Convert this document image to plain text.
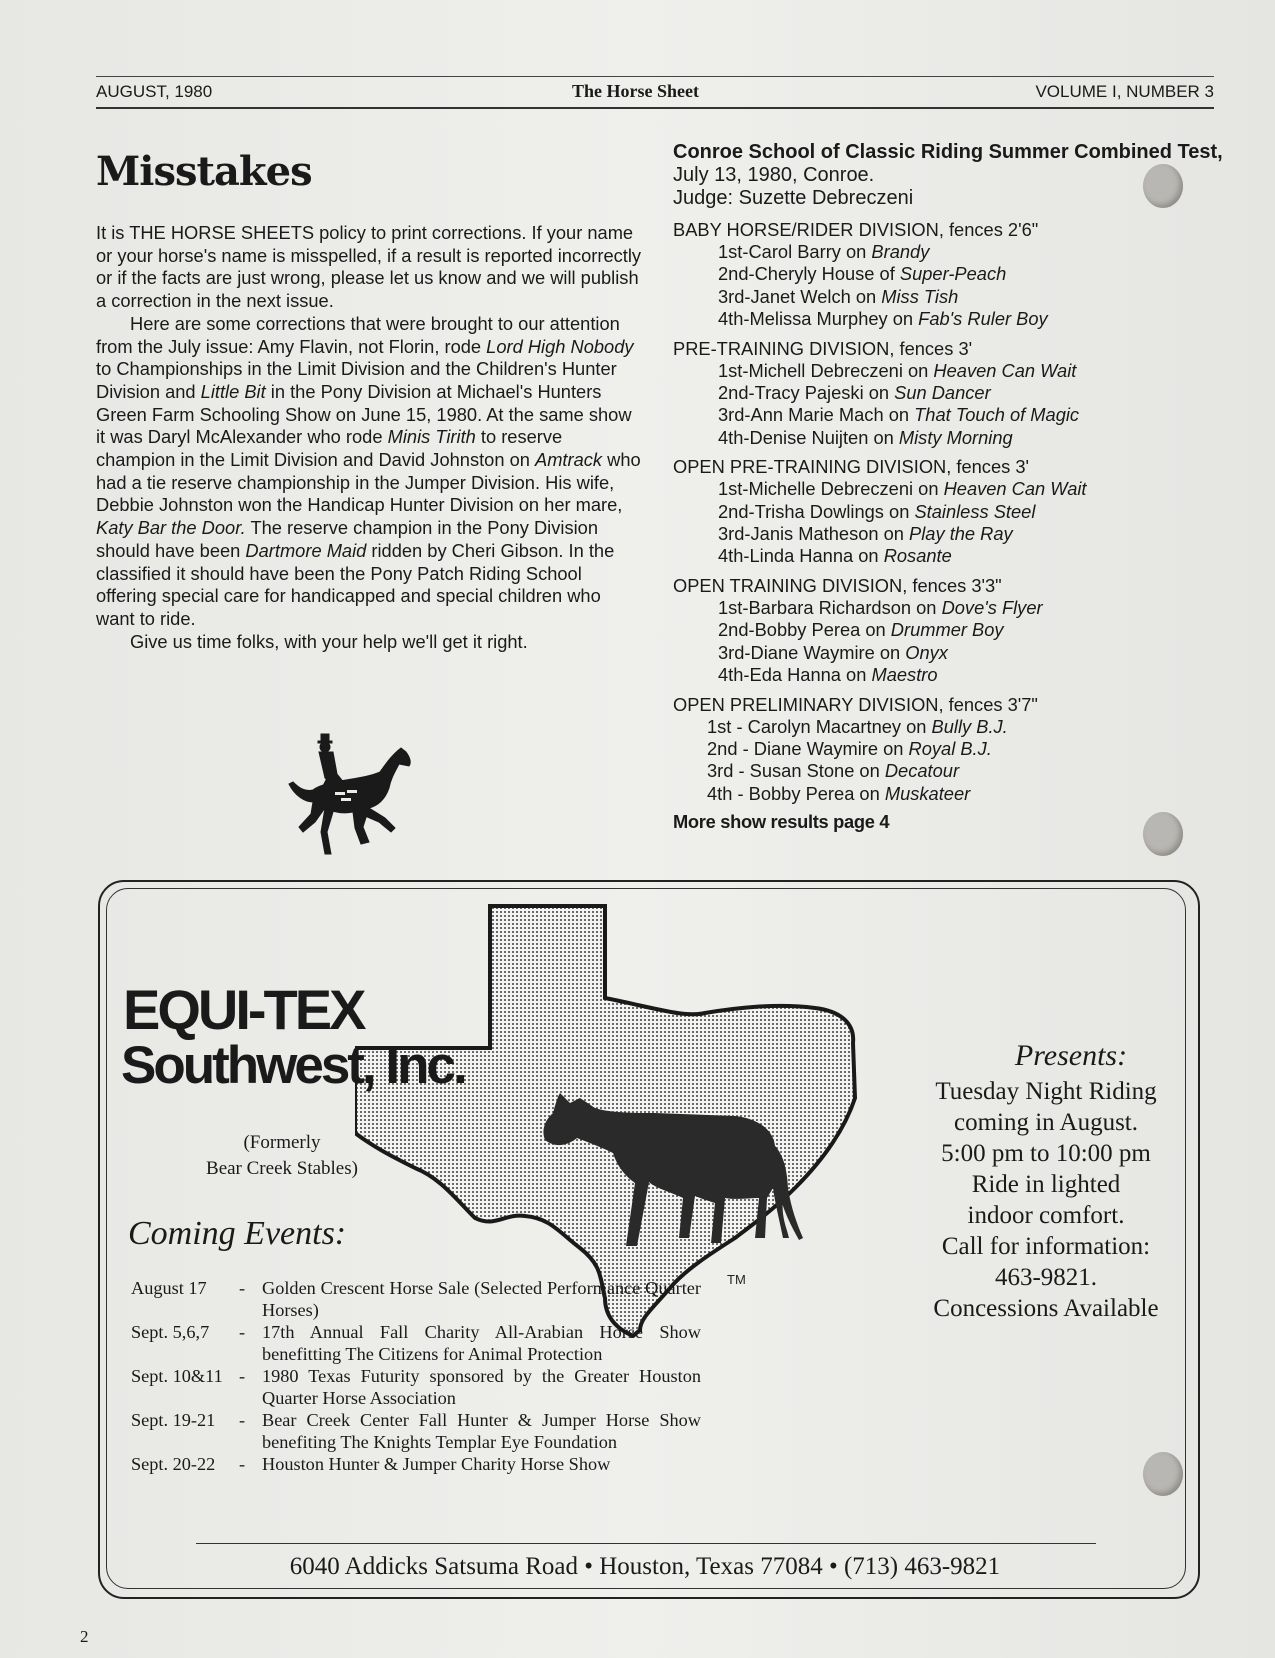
AUGUST, 1980	The Horse Sheet	VOLUME I, NUMBER 3
Misstakes

It is THE HORSE SHEETS policy to print corrections. If your name or your horse's name is misspelled, if a result is reported incorrectly or if the facts are just wrong, please let us know and we will publish a correction in the next issue.

Here are some corrections that were brought to our attention from the July issue: Amy Flavin, not Florin, rode Lord High Nobody to Championships in the Limit Division and the Children's Hunter Division and Little Bit in the Pony Division at Michael's Hunters Green Farm Schooling Show on June 15, 1980. At the same show it was Daryl McAlexander who rode Minis Tirith to reserve champion in the Limit Division and David Johnston on Amtrack who had a tie reserve championship in the Jumper Division. His wife, Debbie Johnston won the Handicap Hunter Division on her mare, Katy Bar the Door. The reserve champion in the Pony Division should have been Dartmore Maid ridden by Cheri Gibson. In the classified it should have been the Pony Patch Riding School offering special care for handicapped and special children who want to ride.

Give us time folks, with your help we'll get it right.

Conroe School of Classic Riding Summer Combined Test, July 13, 1980, Conroe.

Judge: Suzette Debreczeni

BABY HORSE/RIDER DIVISION, fences 2'6"
1st-Carol Barry on Brandy
2nd-Cheryly House of Super-Peach
3rd-Janet Welch on Miss Tish
4th-Melissa Murphey on Fab's Ruler Boy
PRE-TRAINING DIVISION, fences 3'
1st-Michell Debreczeni on Heaven Can Wait
2nd-Tracy Pajeski on Sun Dancer
3rd-Ann Marie Mach on That Touch of Magic
4th-Denise Nuijten on Misty Morning
OPEN PRE-TRAINING DIVISION, fences 3'
1st-Michelle Debreczeni on Heaven Can Wait
2nd-Trisha Dowlings on Stainless Steel
3rd-Janis Matheson on Play the Ray
4th-Linda Hanna on Rosante
OPEN TRAINING DIVISION, fences 3'3"
1st-Barbara Richardson on Dove's Flyer
2nd-Bobby Perea on Drummer Boy
3rd-Diane Waymire on Onyx
4th-Eda Hanna on Maestro
OPEN PRELIMINARY DIVISION, fences 3'7"
1st - Carolyn Macartney on Bully B.J.
2nd - Diane Waymire on Royal B.J.
3rd - Susan Stone on Decatour
4th - Bobby Perea on Muskateer
More show results page 4
TM
EQUI-TEX
Southwest, Inc.
(Formerly
Bear Creek Stables)
Coming Events:
August 17	- Golden Crescent Horse Sale (Selected Performance Quarter Horses)
Sept. 5,6,7	- 17th Annual Fall Charity All-Arabian Horse Show benefitting The Citizens for Animal Protection
Sept. 10&11 - 1980 Texas Futurity sponsored by the Greater Houston Quarter Horse Association
Sept. 19-21	- Bear Creek Center Fall Hunter & Jumper Horse Show benefiting The Knights Templar Eye Foundation
Sept. 20-22	- Houston Hunter & Jumper Charity Horse Show
Presents:
Tuesday Night Riding
coming in August.
5:00 pm to 10:00 pm
Ride in lighted
indoor comfort.
Call for information:
463-9821.
Concessions Available
6040 Addicks Satsuma Road • Houston, Texas 77084 • (713) 463-9821
2
